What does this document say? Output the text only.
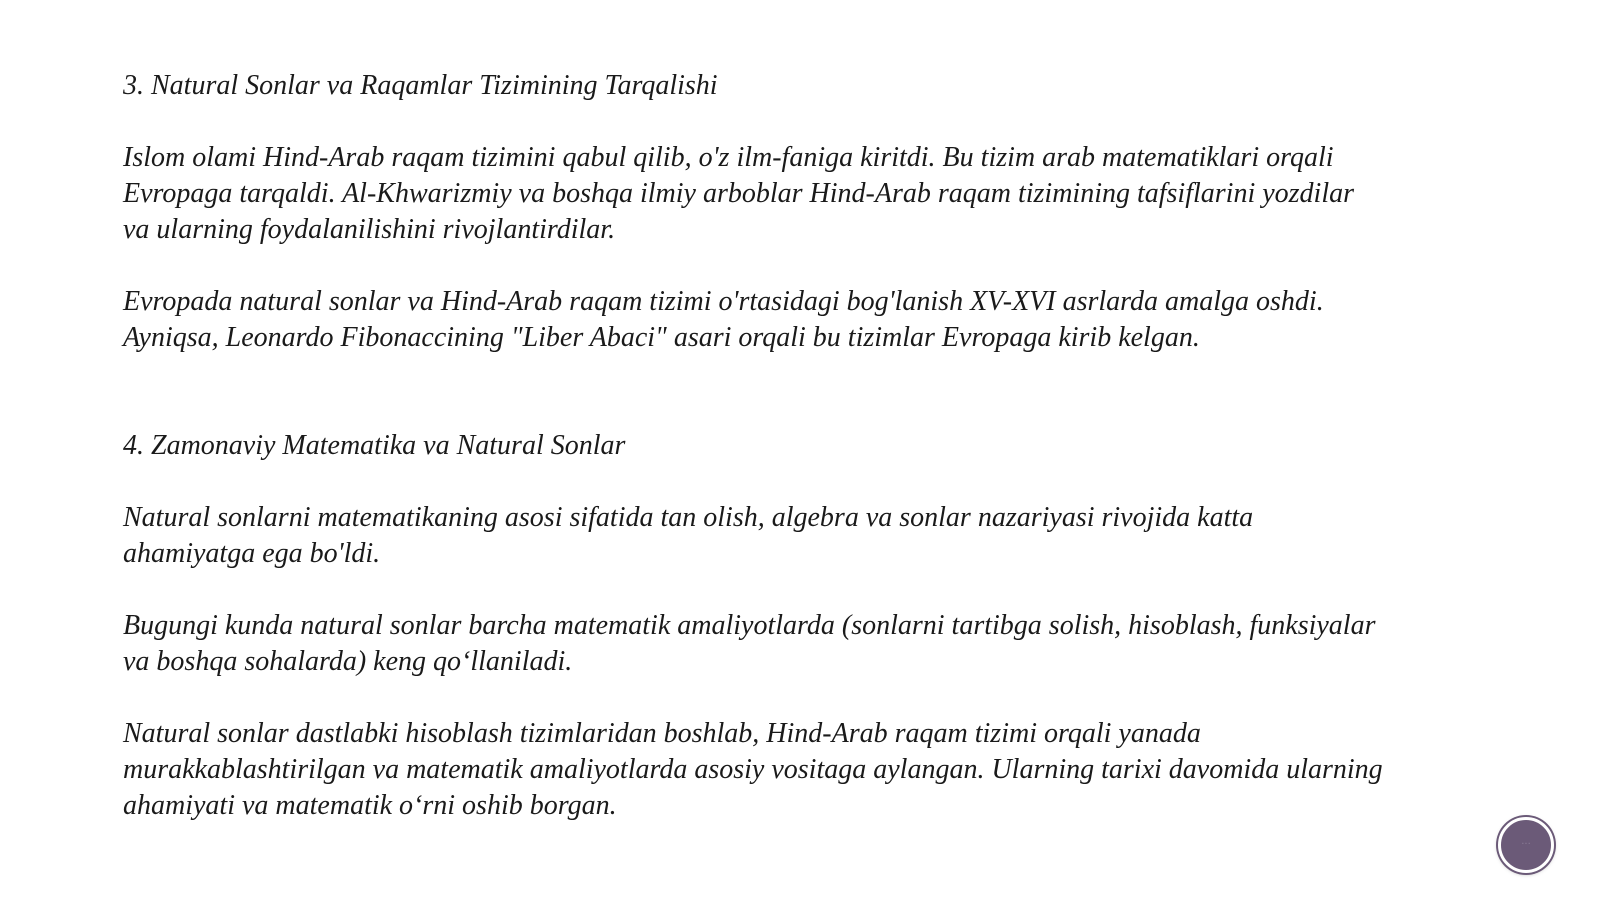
3. Natural Sonlar va Raqamlar Tizimining Tarqalishi

Islom olami Hind-Arab raqam tizimini qabul qilib, o'z ilm-faniga kiritdi. Bu tizim arab matematiklari orqali Evropaga tarqaldi. Al-Khwarizmiy va boshqa ilmiy arboblar Hind-Arab raqam tizimining tafsiflarini yozdilar va ularning foydalanilishini rivojlantirdilar.

Evropada natural sonlar va Hind-Arab raqam tizimi o'rtasidagi bog'lanish XV-XVI asrlarda amalga oshdi. Ayniqsa, Leonardo Fibonaccining "Liber Abaci" asari orqali bu tizimlar Evropaga kirib kelgan.

4. Zamonaviy Matematika va Natural Sonlar

Natural sonlarni matematikaning asosi sifatida tan olish, algebra va sonlar nazariyasi rivojida katta ahamiyatga ega bo'ldi.

Bugungi kunda natural sonlar barcha matematik amaliyotlarda (sonlarni tartibga solish, hisoblash, funksiyalar va boshqa sohalarda) keng qo‘llaniladi.

Natural sonlar dastlabki hisoblash tizimlaridan boshlab, Hind-Arab raqam tizimi orqali yanada murakkablashtirilgan va matematik amaliyotlarda asosiy vositaga aylangan. Ularning tarixi davomida ularning ahamiyati va matematik o‘rni oshib borgan.

···
